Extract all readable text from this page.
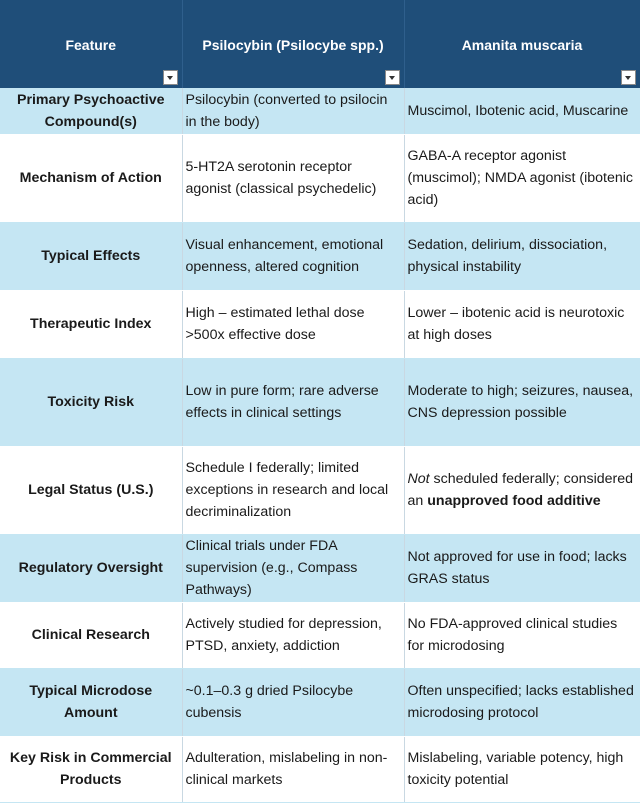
Feature	Psilocybin (Psilocybe spp.)	Amanita muscaria

Primary Psychoactive Compound(s)	Psilocybin (converted to psilocin in the body)	Muscimol, Ibotenic acid, Muscarine
Mechanism of Action	5-HT2A serotonin receptor agonist (classical psychedelic)	GABA-A receptor agonist (muscimol); NMDA agonist (ibotenic acid)
Typical Effects	Visual enhancement, emotional openness, altered cognition	Sedation, delirium, dissociation, physical instability
Therapeutic Index	High – estimated lethal dose >500x effective dose	Lower – ibotenic acid is neurotoxic at high doses
Toxicity Risk	Low in pure form; rare adverse effects in clinical settings	Moderate to high; seizures, nausea, CNS depression possible
Legal Status (U.S.)	Schedule I federally; limited exceptions in research and local decriminalization	Not scheduled federally; considered an unapproved food additive
Regulatory Oversight	Clinical trials under FDA supervision (e.g., Compass Pathways)	Not approved for use in food; lacks GRAS status
Clinical Research	Actively studied for depression, PTSD, anxiety, addiction	No FDA-approved clinical studies for microdosing
Typical Microdose Amount	~0.1–0.3 g dried Psilocybe cubensis	Often unspecified; lacks established microdosing protocol
Key Risk in Commercial Products	Adulteration, mislabeling in non-clinical markets	Mislabeling, variable potency, high toxicity potential
